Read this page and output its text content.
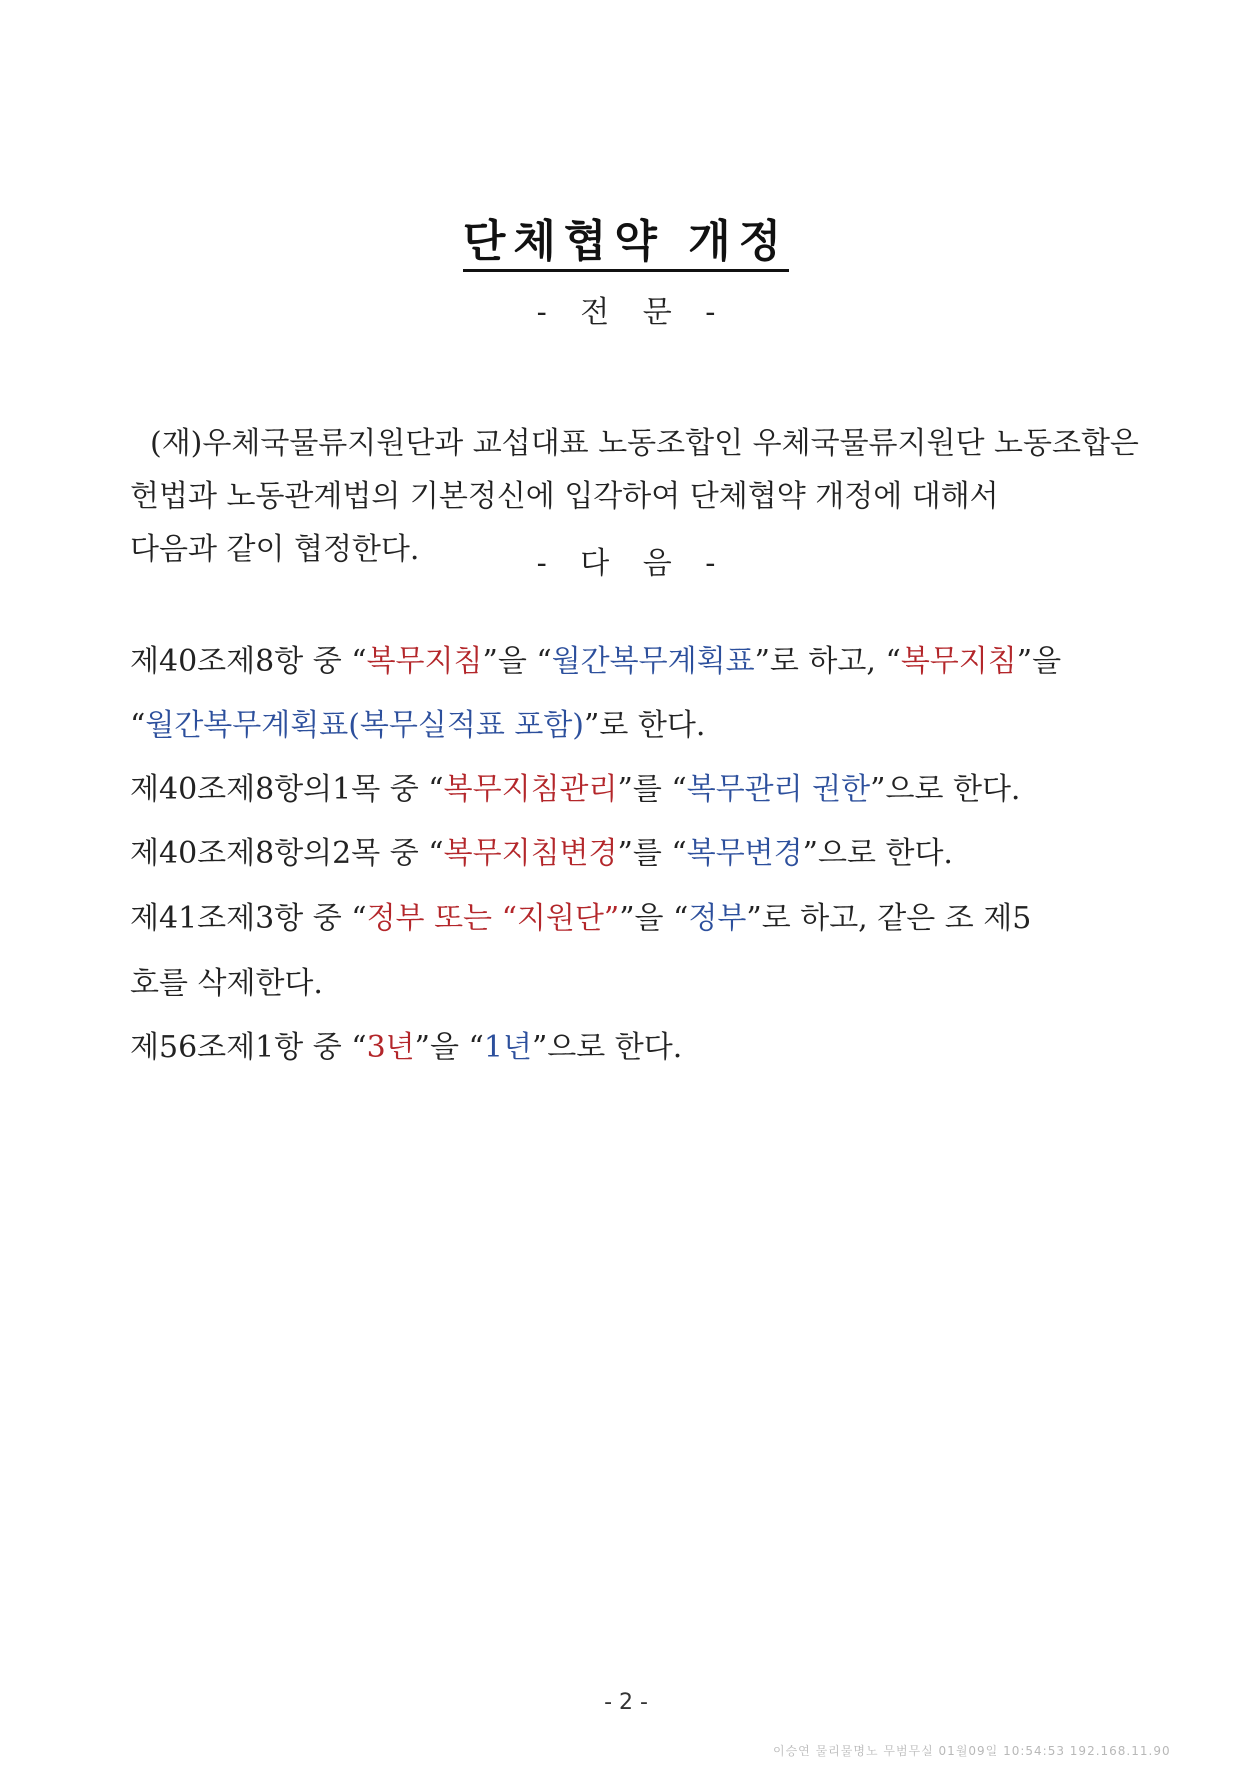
단체협약 개정
- 전 문 -
(재)우체국물류지원단과 교섭대표 노동조합인 우체국물류지원단 노동조합은
헌법과 노동관계법의 기본정신에 입각하여 단체협약 개정에 대해서
다음과 같이 협정한다.	- 다 음 -
제40조제8항 중 “복무지침”을 “월간복무계획표”로 하고, “복무지침”을
“월간복무계획표(복무실적표 포함)”로 한다.
제40조제8항의1목 중 “복무지침관리”를 “복무관리 권한”으로 한다.
제40조제8항의2목 중 “복무지침변경”를 “복무변경”으로 한다.
제41조제3항 중 “정부 또는 “지원단””을 “정부”로 하고, 같은 조 제5
호를 삭제한다.
제56조제1항 중 “3년”을 “1년”으로 한다.
- 2 -
이승연 물리물명노 무범무실 01월09일 10:54:53 192.168.11.90
